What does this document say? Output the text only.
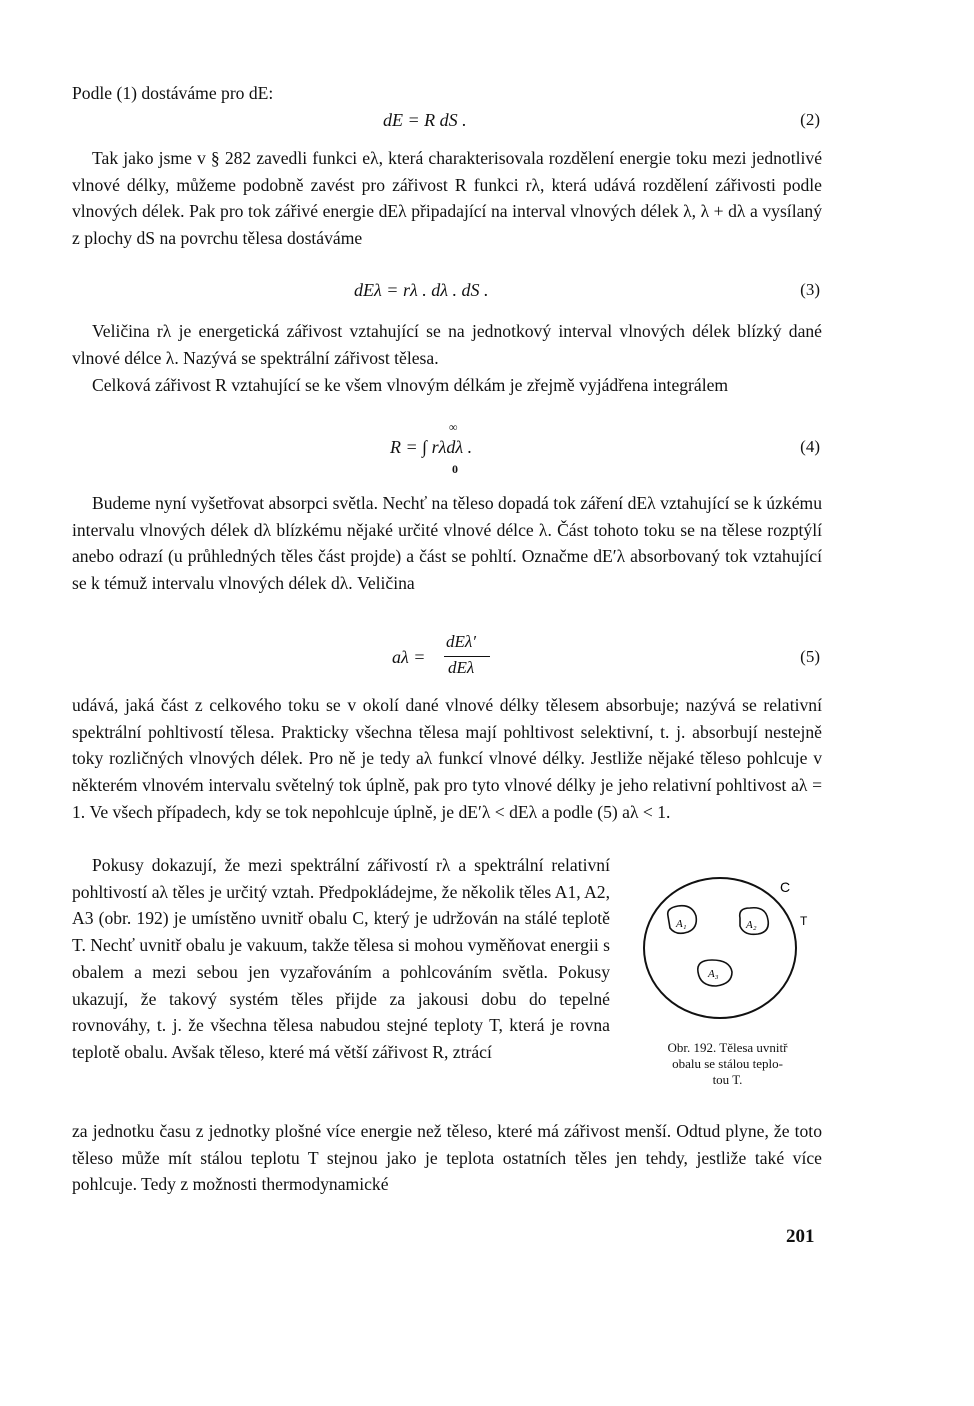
Podle (1) dostáváme pro dE:

dE = R dS .	(2)

Tak jako jsme v § 282 zavedli funkci eλ, která charakterisovala rozdělení energie toku mezi jednotlivé vlnové délky, můžeme podobně zavést pro zářivost R funkci rλ, která udává rozdělení zářivosti podle vlnových délek. Pak pro tok zářivé energie dEλ připadající na interval vlnových délek λ, λ + dλ a vysílaný z plochy dS na povrchu tělesa dostáváme

dEλ = rλ . dλ . dS .	(3)

Veličina rλ je energetická zářivost vztahující se na jednotkový interval vlnových délek blízký dané vlnové délce λ. Nazývá se spektrální zářivost tělesa.

Celková zářivost R vztahující se ke všem vlnovým délkám je zřejmě vyjádřena integrálem

R = ∫ rλdλ .
∞
0
(4)

Budeme nyní vyšetřovat absorpci světla. Nechť na těleso dopadá tok záření dEλ vztahující se k úzkému intervalu vlnových délek dλ blízkému nějaké určité vlnové délce λ. Část tohoto toku se na tělese rozptýlí anebo odrazí (u průhledných těles část projde) a část se pohltí. Označme dE′λ absorbovaný tok vztahující se k témuž intervalu vlnových délek dλ. Veličina

aλ =
dEλ′
dEλ
(5)

udává, jaká část z celkového toku se v okolí dané vlnové délky tělesem absorbuje; nazývá se relativní spektrální pohltivostí tělesa. Prakticky všechna tělesa mají pohltivost selektivní, t. j. absorbují nestejně toky rozličných vlnových délek. Pro ně je tedy aλ funkcí vlnové délky. Jestliže nějaké těleso pohlcuje v některém vlnovém intervalu světelný tok úplně, pak pro tyto vlnové délky je jeho relativní pohltivost aλ = 1. Ve všech případech, kdy se tok nepohlcuje úplně, je dE′λ < dEλ a podle (5) aλ < 1.

Pokusy dokazují, že mezi spektrální zářivostí rλ a spektrální relativní pohltivostí aλ těles je určitý vztah. Předpokládejme, že několik těles A1, A2, A3 (obr. 192) je umístěno uvnitř obalu C, který je udržován na stálé teplotě T. Nechť uvnitř obalu je vakuum, takže tělesa si mohou vyměňovat energii s obalem a mezi sebou jen vyzařováním a pohlcováním světla. Pokusy ukazují, že takový systém těles přijde za jakousi dobu do tepelné rovnováhy, t. j. že všechna tělesa nabudou stejné teploty T, která je rovna teplotě obalu. Avšak těleso, které má větší zářivost R, ztrácí

za jednotku času z jednotky plošné více energie než těleso, které má zářivost menší. Odtud plyne, že toto těleso může mít stálou teplotu T stejnou jako je teplota ostatních těles jen tehdy, jestliže také více pohlcuje. Tedy z možnosti thermodynamické

A₁	A₂
A₃
C
T
Obr. 192. Tělesa uvnitř
obalu se stálou teplo-
tou T.
201
